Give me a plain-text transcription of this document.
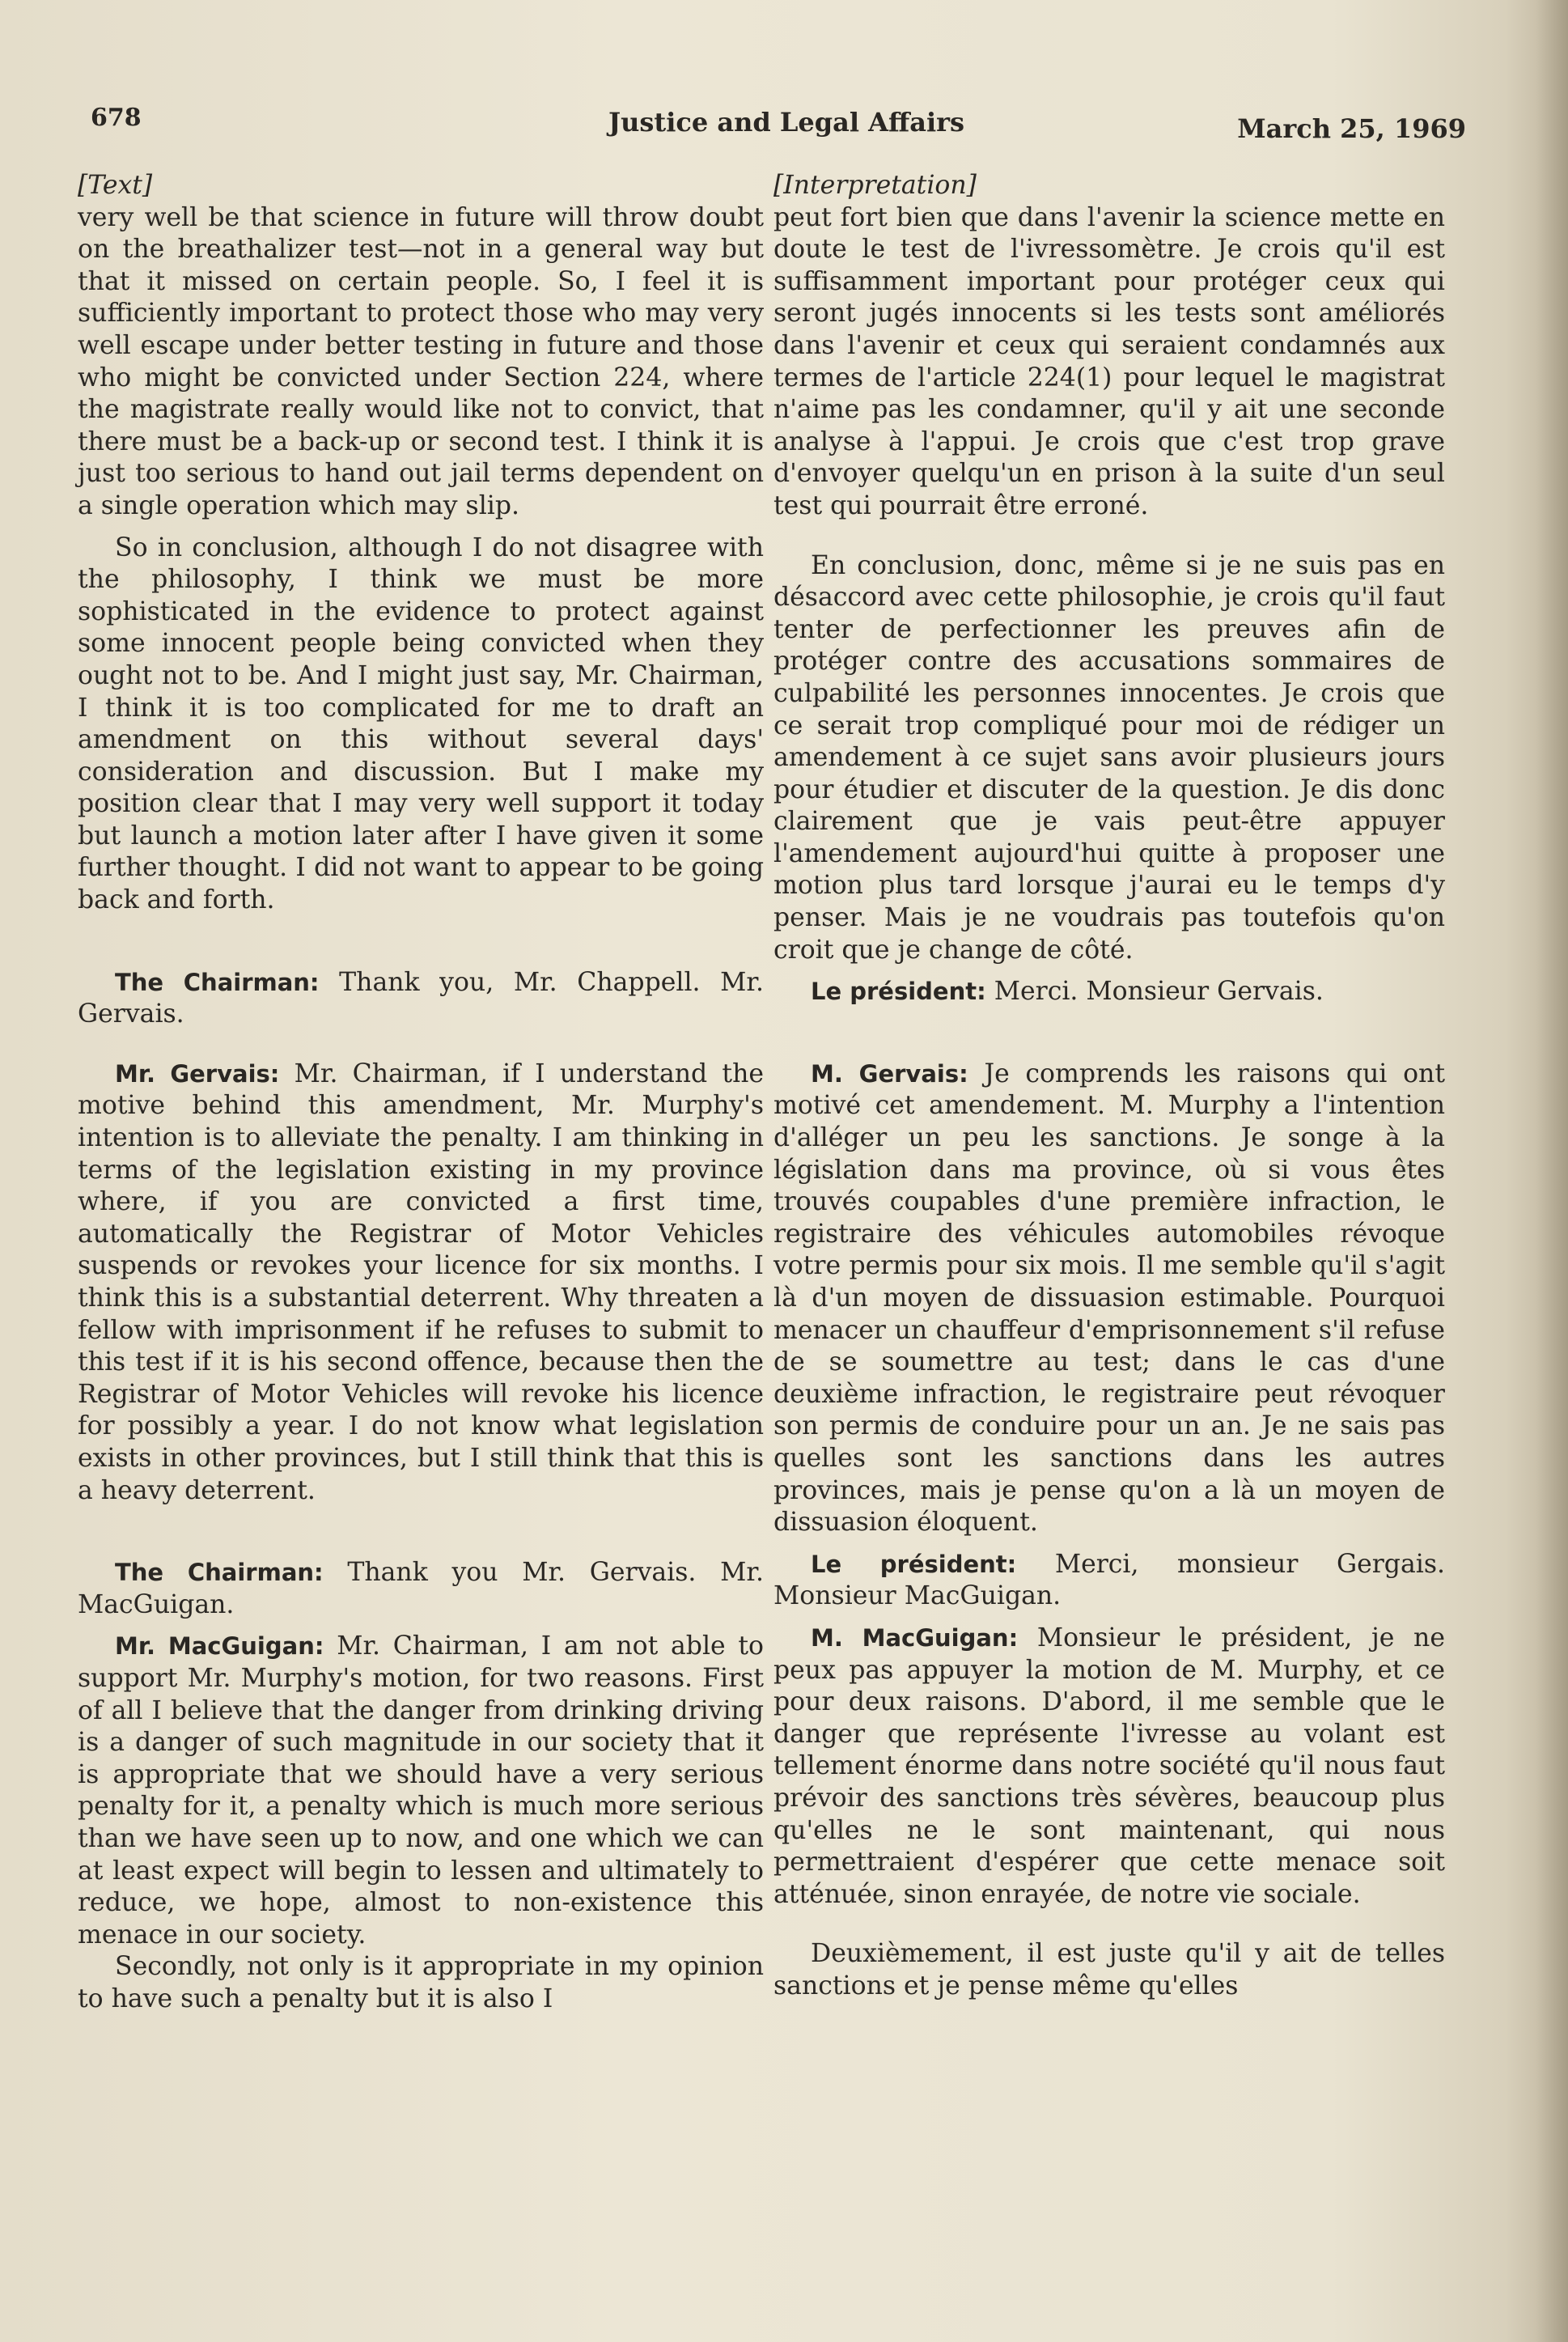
678	Justice and Legal Affairs	March 25, 1969

[Text]

very well be that science in future will throw doubt on the breathalizer test—not in a general way but that it missed on certain people. So, I feel it is sufficiently important to protect those who may very well escape under better testing in future and those who might be convicted under Section 224, where the magistrate really would like not to convict, that there must be a back-up or second test. I think it is just too serious to hand out jail terms dependent on a single operation which may slip.

So in conclusion, although I do not disagree with the philosophy, I think we must be more sophisticated in the evidence to protect against some innocent people being convicted when they ought not to be. And I might just say, Mr. Chairman, I think it is too complicated for me to draft an amendment on this without several days' consideration and discussion. But I make my position clear that I may very well support it today but launch a motion later after I have given it some further thought. I did not want to appear to be going back and forth.

The Chairman: Thank you, Mr. Chappell. Mr. Gervais.

Mr. Gervais: Mr. Chairman, if I understand the motive behind this amendment, Mr. Murphy's intention is to alleviate the penalty. I am thinking in terms of the legislation existing in my province where, if you are convicted a first time, automatically the Registrar of Motor Vehicles suspends or revokes your licence for six months. I think this is a substantial deterrent. Why threaten a fellow with imprisonment if he refuses to submit to this test if it is his second offence, because then the Registrar of Motor Vehicles will revoke his licence for possibly a year. I do not know what legislation exists in other provinces, but I still think that this is a heavy deterrent.

The Chairman: Thank you Mr. Gervais. Mr. MacGuigan.

Mr. MacGuigan: Mr. Chairman, I am not able to support Mr. Murphy's motion, for two reasons. First of all I believe that the danger from drinking driving is a danger of such magnitude in our society that it is appropriate that we should have a very serious penalty for it, a penalty which is much more serious than we have seen up to now, and one which we can at least expect will begin to lessen and ultimately to reduce, we hope, almost to non-existence this menace in our society.

Secondly, not only is it appropriate in my opinion to have such a penalty but it is also I

[Interpretation]

peut fort bien que dans l'avenir la science mette en doute le test de l'ivressomètre. Je crois qu'il est suffisamment important pour protéger ceux qui seront jugés innocents si les tests sont améliorés dans l'avenir et ceux qui seraient condamnés aux termes de l'article 224(1) pour lequel le magistrat n'aime pas les condamner, qu'il y ait une seconde analyse à l'appui. Je crois que c'est trop grave d'envoyer quelqu'un en prison à la suite d'un seul test qui pourrait être erroné.

En conclusion, donc, même si je ne suis pas en désaccord avec cette philosophie, je crois qu'il faut tenter de perfectionner les preuves afin de protéger contre des accusations sommaires de culpabilité les personnes innocentes. Je crois que ce serait trop compliqué pour moi de rédiger un amendement à ce sujet sans avoir plusieurs jours pour étudier et discuter de la question. Je dis donc clairement que je vais peut-être appuyer l'amendement aujourd'hui quitte à proposer une motion plus tard lorsque j'aurai eu le temps d'y penser. Mais je ne voudrais pas toutefois qu'on croit que je change de côté.

Le président: Merci. Monsieur Gervais.

M. Gervais: Je comprends les raisons qui ont motivé cet amendement. M. Murphy a l'intention d'alléger un peu les sanctions. Je songe à la législation dans ma province, où si vous êtes trouvés coupables d'une première infraction, le registraire des véhicules automobiles révoque votre permis pour six mois. Il me semble qu'il s'agit là d'un moyen de dissuasion estimable. Pourquoi menacer un chauffeur d'emprisonnement s'il refuse de se soumettre au test; dans le cas d'une deuxième infraction, le registraire peut révoquer son permis de conduire pour un an. Je ne sais pas quelles sont les sanctions dans les autres provinces, mais je pense qu'on a là un moyen de dissuasion éloquent.

Le président: Merci, monsieur Gergais. Monsieur MacGuigan.

M. MacGuigan: Monsieur le président, je ne peux pas appuyer la motion de M. Murphy, et ce pour deux raisons. D'abord, il me semble que le danger que représente l'ivresse au volant est tellement énorme dans notre société qu'il nous faut prévoir des sanctions très sévères, beaucoup plus qu'elles ne le sont maintenant, qui nous permettraient d'espérer que cette menace soit atténuée, sinon enrayée, de notre vie sociale.

Deuxièmement, il est juste qu'il y ait de telles sanctions et je pense même qu'elles
